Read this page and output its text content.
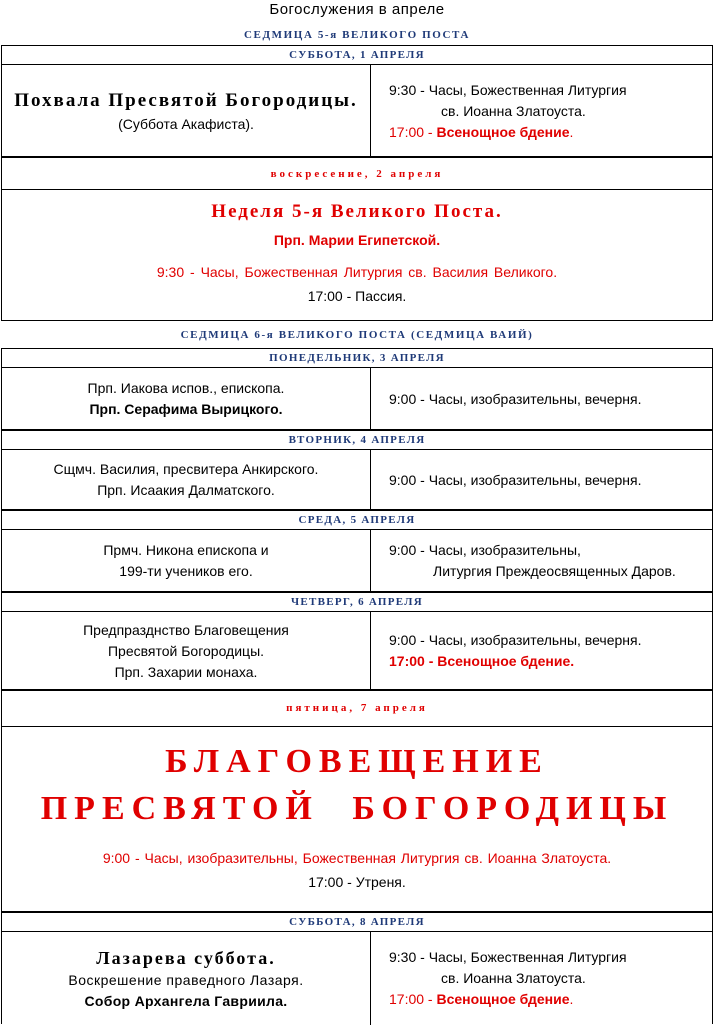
Богослужения в апреле
СЕДМИЦА 5-я ВЕЛИКОГО ПОСТА
СУББОТА, 1 АПРЕЛЯ
Похвала Пресвятой Богородицы.
(Суббота Акафиста).
9:30 - Часы, Божественная Литургия
св. Иоанна Златоуста.
17:00 - Всенощное бдение.
воскресение, 2 апреля
Неделя 5-я Великого Поста.
Прп. Марии Египетской.
9:30 - Часы, Божественная Литургия св. Василия Великого.
17:00 - Пассия.
СЕДМИЦА 6-я ВЕЛИКОГО ПОСТА (СЕДМИЦА ВАИЙ)
ПОНЕДЕЛЬНИК, 3 АПРЕЛЯ
Прп. Иакова испов., епископа.
Прп. Серафима Вырицкого.
9:00 - Часы, изобразительны, вечерня.
ВТОРНИК, 4 АПРЕЛЯ
Сщмч. Василия, пресвитера Анкирского.
Прп. Исаакия Далматского.
9:00 - Часы, изобразительны, вечерня.
СРЕДА, 5 АПРЕЛЯ
Прмч. Никона епископа и
199-ти учеников его.
9:00 - Часы, изобразительны,
Литургия Преждеосвященных Даров.
ЧЕТВЕРГ, 6 АПРЕЛЯ
Предпразднство Благовещения
Пресвятой Богородицы.
Прп. Захарии монаха.
9:00 - Часы, изобразительны, вечерня.
17:00 - Всенощное бдение.
пятница, 7 апреля
БЛАГОВЕЩЕНИЕ
ПРЕСВЯТОЙ БОГОРОДИЦЫ
9:00 - Часы, изобразительны, Божественная Литургия св. Иоанна Златоуста.
17:00 - Утреня.
СУББОТА, 8 АПРЕЛЯ
Лазарева суббота.
Воскрешение праведного Лазаря.
Собор Архангела Гавриила.
9:30 - Часы, Божественная Литургия
св. Иоанна Златоуста.
17:00 - Всенощное бдение.
